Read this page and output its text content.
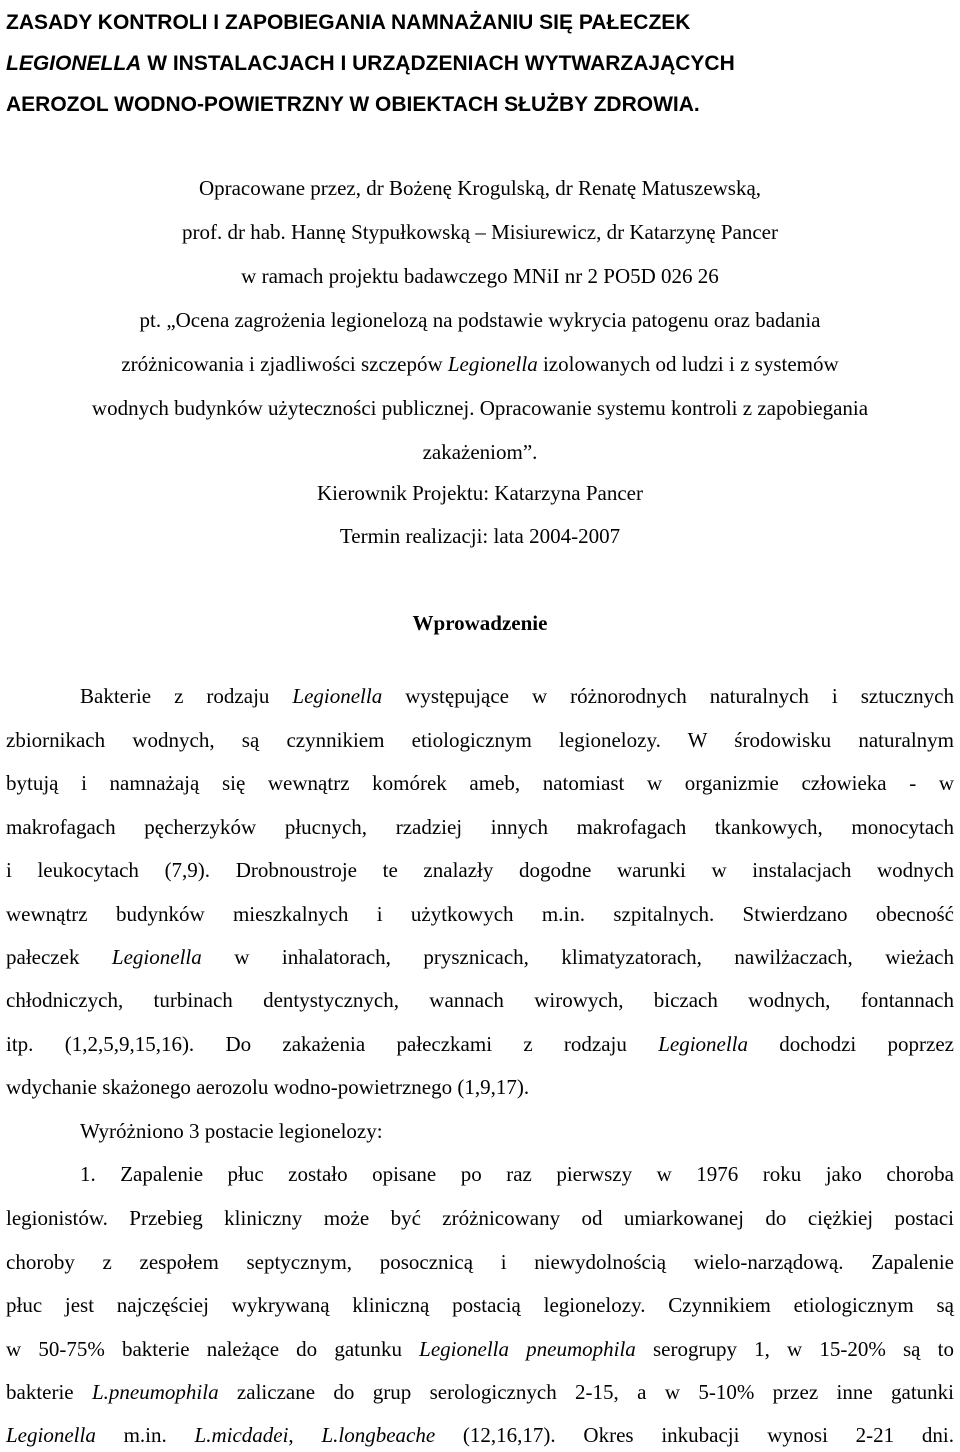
ZASADY KONTROLI I ZAPOBIEGANIA NAMNAŻANIU SIĘ PAŁECZEK
LEGIONELLA W INSTALACJACH I URZĄDZENIACH WYTWARZAJĄCYCH
AEROZOL WODNO-POWIETRZNY W OBIEKTACH SŁUŻBY ZDROWIA.
Opracowane przez, dr Bożenę Krogulską, dr Renatę Matuszewską,
prof. dr hab. Hannę Stypułkowską – Misiurewicz, dr Katarzynę Pancer
w ramach projektu badawczego MNiI nr 2 PO5D 026 26
pt. „Ocena zagrożenia legionelozą na podstawie wykrycia patogenu oraz badania
zróżnicowania i zjadliwości szczepów Legionella izolowanych od ludzi i z systemów
wodnych budynków użyteczności publicznej. Opracowanie systemu kontroli z zapobiegania
zakażeniom”.
Kierownik Projektu: Katarzyna Pancer
Termin realizacji: lata 2004-2007
Wprowadzenie
Bakterie z rodzaju Legionella występujące w różnorodnych naturalnych i sztucznych
zbiornikach wodnych, są czynnikiem etiologicznym legionelozy. W środowisku naturalnym
bytują i namnażają się wewnątrz komórek ameb, natomiast w organizmie człowieka - w
makrofagach pęcherzyków płucnych, rzadziej innych makrofagach tkankowych, monocytach
i leukocytach (7,9). Drobnoustroje te znalazły dogodne warunki w instalacjach wodnych
wewnątrz budynków mieszkalnych i użytkowych m.in. szpitalnych. Stwierdzano obecność
pałeczek Legionella w inhalatorach, prysznicach, klimatyzatorach, nawilżaczach, wieżach
chłodniczych, turbinach dentystycznych, wannach wirowych, biczach wodnych, fontannach
itp. (1,2,5,9,15,16). Do zakażenia pałeczkami z rodzaju Legionella dochodzi poprzez
wdychanie skażonego aerozolu wodno-powietrznego (1,9,17).
Wyróżniono 3 postacie legionelozy:
1. Zapalenie płuc zostało opisane po raz pierwszy w 1976 roku jako choroba
legionistów. Przebieg kliniczny może być zróżnicowany od umiarkowanej do ciężkiej postaci
choroby z zespołem septycznym, posocznicą i niewydolnością wielo-narządową. Zapalenie
płuc jest najczęściej wykrywaną kliniczną postacią legionelozy. Czynnikiem etiologicznym są
w 50-75% bakterie należące do gatunku Legionella pneumophila serogrupy 1, w 15-20% są to
bakterie L.pneumophila zaliczane do grup serologicznych 2-15, a w 5-10% przez inne gatunki
Legionella m.in. L.micdadei, L.longbeache (12,16,17). Okres inkubacji wynosi 2-21 dni.
